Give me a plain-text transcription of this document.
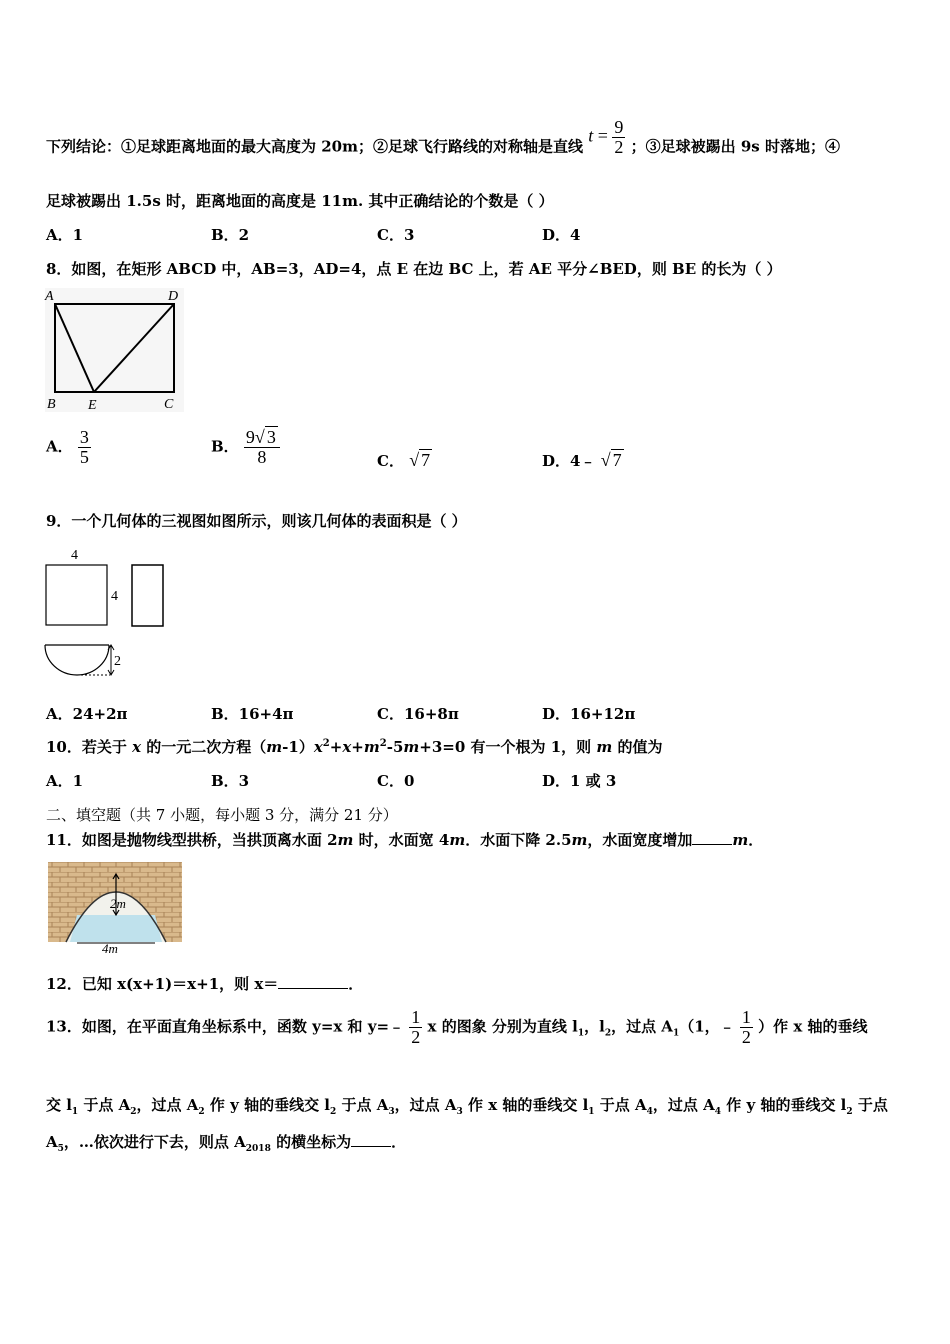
下列结论：①足球距离地面的最大高度为 20m；②足球飞行路线的对称轴是直线 $t = \frac{9}{2}$ ；③足球被踢出 9s 时落地；④
足球被踢出 1.5s 时，距离地面的高度是 11m. 其中正确结论的个数是（ ）
A．1	B．2	C．3	D．4
8．如图，在矩形 ABCD 中，AB=3，AD=4，点 E 在边 BC 上，若 AE 平分∠BED，则 BE 的长为（ ）
A	D
B E	C
A． $\frac{3}{5}$	B． $\frac{9√ 3}{8}$	C． √ 7	D．4﹣ √ 7
9．一个几何体的三视图如图所示，则该几何体的表面积是（ ）
4
4
2
A．24+2π	B．16+4π	C．16+8π	D．16+12π
10．若关于 x 的一元二次方程$(m-1)x^2+x+m^2-5m+3=0$ 有一个根为 1，则 m 的值为
A．1	B．3	C．0	D．1 或 3
二、填空题（共 7 小题，每小题 3 分，满分 21 分）
11．如图是抛物线型拱桥，当拱顶离水面 2m 时，水面宽 4m．水面下降 2.5m，水面宽度增加	m．
2m
4m
12．已知 x(x+1)＝x+1，则 x＝	．
13．如图，在平面直角坐标系中，函数 y=x 和 y=﹣ $\frac{1}{2}$ x 的图象 分别为直线 $l_1$，$l_2$，过点 $A_1(1$，﹣ $\frac{1}{2}$ ）作 x 轴的垂线
交 $l_1$ 于点 $A_2$，过点 $A_2$ 作 y 轴的垂线交 $l_2$ 于点 $A_3$，过点 $A_3$ 作 x 轴的垂线交 $l_1$ 于点 $A_4$，过点 $A_4$ 作 y 轴的垂线交 $l_2$ 于点
$A_5$，…依次进行下去，则点 $A_{2018}$ 的横坐标为	．
